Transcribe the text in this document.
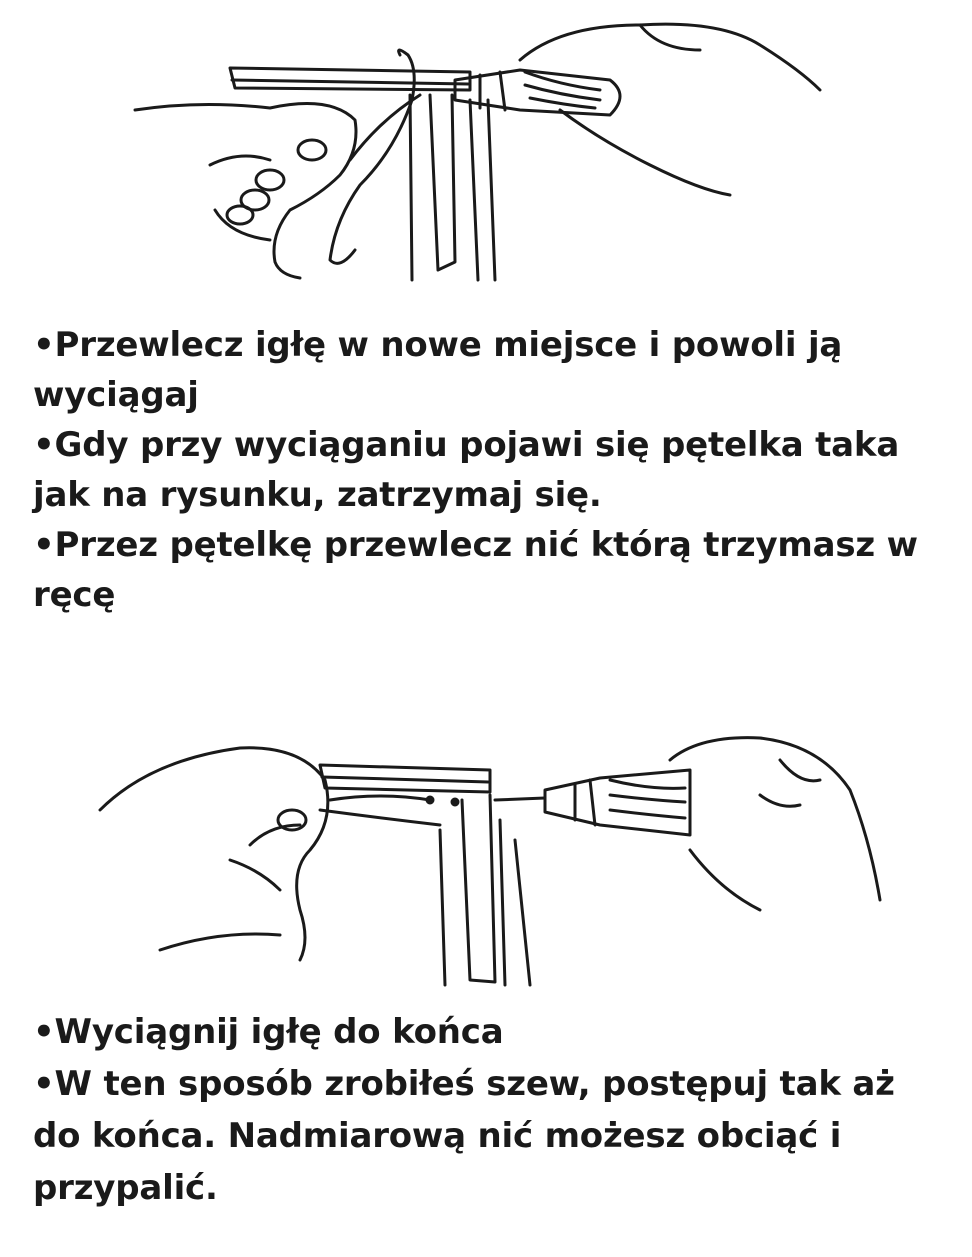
•Przewlecz igłę w nowe miejsce i powoli ją
wyciągaj
•Gdy przy wyciąganiu pojawi się pętelka taka
jak na rysunku, zatrzymaj się.
•Przez pętelkę przewlecz nić którą trzymasz w
ręcę
•Wyciągnij igłę do końca
•W ten sposób zrobiłeś szew, postępuj tak aż
do końca. Nadmiarową nić możesz obciąć i
przypalić.
